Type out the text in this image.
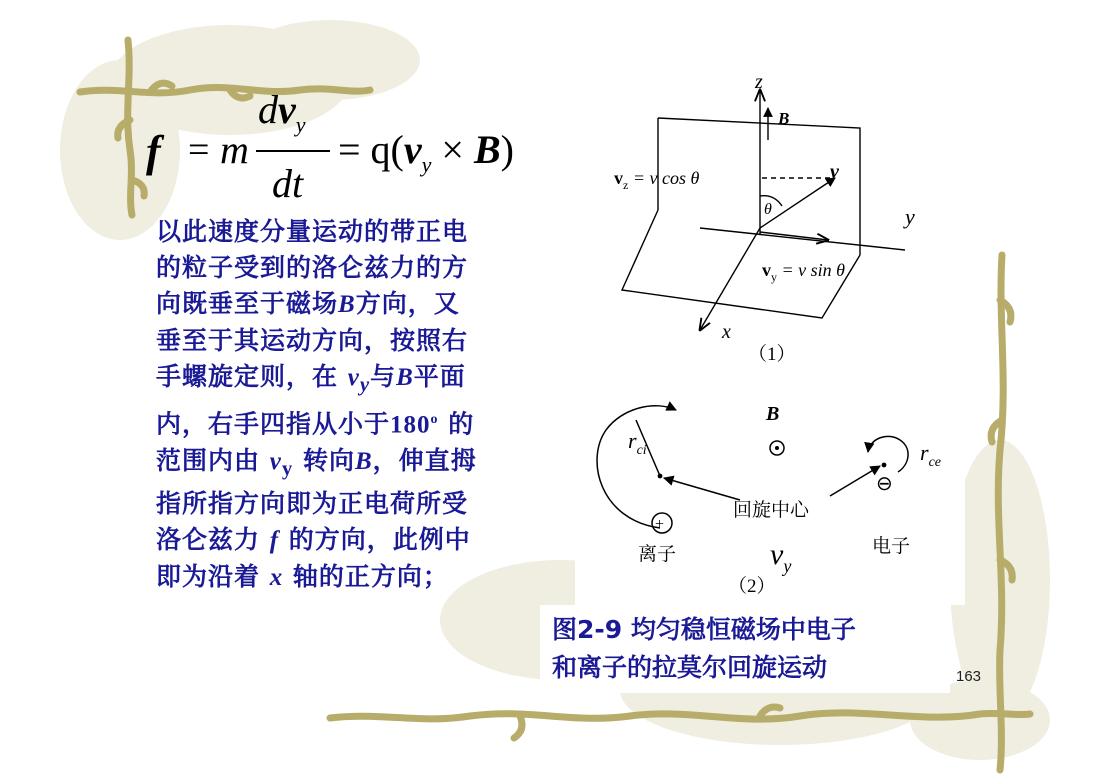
f = m
$dv_y$
dt
= $q(v_y \times B)$
以此速度分量运动的带正电
的粒子受到的洛仑兹力的方
向既垂至于磁场B方向，又
垂至于其运动方向，按照右
手螺旋定则，在 $v_y$与B平面
内，右手四指从小于180$^o$ 的
范围内由 $v_y$ 转向B，伸直拇
指所指方向即为正电荷所受
洛仑兹力 f 的方向，此例中
即为沿着 x 轴的正方向；
z
B
y
x
$v_z = v$ cos θ	v
θ
$v_y = v$ sin θ
（1）
B
$r_{ci}$	$r_{ce}$
回旋中心
+
⊖
离子	电子
$v_y$
（2）
图2-9 均匀稳恒磁场中电子
和离子的拉莫尔回旋运动	163
